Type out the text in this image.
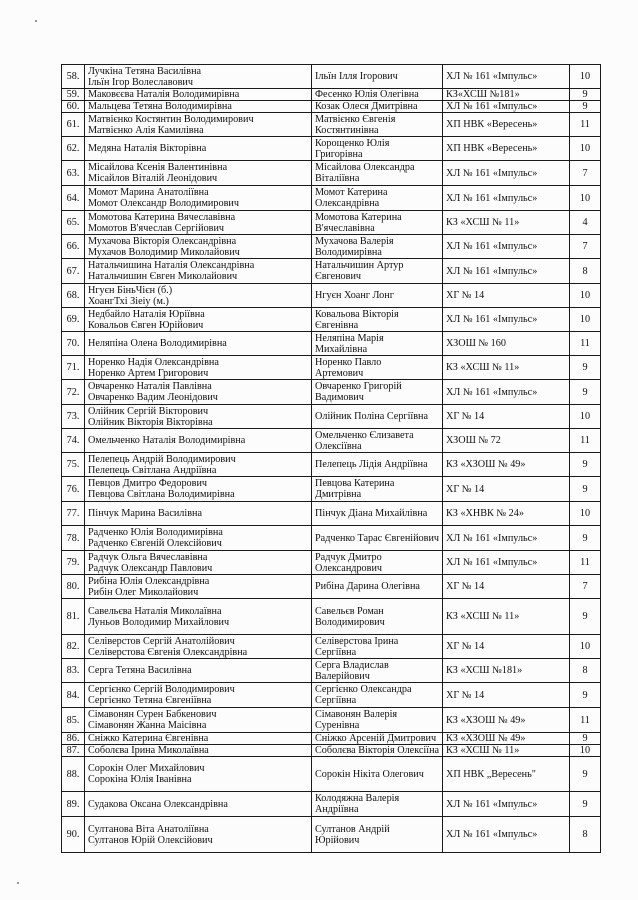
58.	Лучкіна Тетяна Василівна
Ільїн Ігор Волеславович	Ільїн Ілля Ігорович	ХЛ № 161 «Імпульс»	10
59.	Маковєєва Наталія Володимирівна	Фесенко Юлія Олегівна	КЗ«ХСШ №181»	9
60.	Мальцева Тетяна Володимирівна	Козак Олеся Дмитрівна	ХЛ № 161 «Імпульс»	9
61.	Матвієнко Костянтин Володимирович
Матвієнко Алія Камилівна	Матвієнко Євгенія
Костянтинівна	ХП НВК «Вересень»	11
62.	Медяна Наталія Вікторівна	Корощенко Юлія
Григорівна	ХП НВК «Вересень»	10
63.	Місайлова Ксенія Валентинівна
Місайлов Віталій Леонідович	Місайлова Олександра
Віталіївна	ХЛ № 161 «Імпульс»	7
64.	Момот Марина Анатоліївна
Момот Олександр Володимирович	Момот Катерина
Олександрівна	ХЛ № 161 «Імпульс»	10
65.	Момотова Катерина Вячеславівна
Момотов В'ячеслав Сергійович	Момотова Катерина
В'ячеславівна	КЗ «ХСШ № 11»	4
66.	Мухачова Вікторія Олександрівна
Мухачов Володимир Миколайович	Мухачова Валерія
Володимирівна	ХЛ № 161 «Імпульс»	7
67.	Натальчишина Наталія Олександрівна
Натальчишин Євген Миколайович	Натальчишин Артур
Євгенович	ХЛ № 161 «Імпульс»	8
68.	Нгуєн БіньЧієн (б.)
ХоангТхі Зіеіу (м.)	Нгуєн Хоанг Лонг	ХГ № 14	10
69.	Недбайло Наталія Юріївна
Ковальов Євген Юрійович	Ковальова Вікторія
Євгенівна	ХЛ № 161 «Імпульс»	10
70.	Неляпіна Олена Володимирівна	Неляпіна Марія
Михайлівна	ХЗОШ № 160	11
71.	Норенко Надія Олександрівна
Норенко Артем Григорович	Норенко Павло
Артемович	КЗ «ХСШ № 11»	9
72.	Овчаренко Наталія Павлівна
Овчаренко Вадим Леонідович	Овчаренко Григорій
Вадимович	ХЛ № 161 «Імпульс»	9
73.	Олійник Сергій Вікторович
Олійник Вікторія Вікторівна	Олійник Поліна Сергіївна	ХГ № 14	10
74.	Омельченко Наталія Володимирівна	Омельченко Єлизавета
Олексіївна	ХЗОШ № 72	11
75.	Пелепець Андрій Володимирович
Пелепець Світлана Андріївна	Пелепець Лідія Андріївна	КЗ «ХЗОШ № 49»	9
76.	Певцов Дмитро Федорович
Певцова Світлана Володимирівна	Певцова Катерина
Дмитрівна	ХГ № 14	9
77.	Пінчук Марина Василівна	Пінчук Діана Михайлівна	КЗ «ХНВК № 24»	10
78.	Радченко Юлія Володимирівна
Радченко Євгеній Олексійович	Радченко Тарас Євгенійович	ХЛ № 161 «Імпульс»	9
79.	Радчук Ольга Вячеславівна
Радчук Олександр Павлович	Радчук Дмитро
Олександрович	ХЛ № 161 «Імпульс»	11
80.	Рибіна Юлія Олександрівна
Рибін Олег Миколайович	Рибіна Дарина Олегівна	ХГ № 14	7
81.	Савельєва Наталія Миколаївна
Луньов Володимир Михайлович	Савельєв Роман
Володимирович	КЗ «ХСШ № 11»	9
82.	Селіверстов Сергій Анатолійович
Селіверстова Євгенія Олександрівна	Селіверстова Ірина
Сергіївна	ХГ № 14	10
83.	Серга Тетяна Василівна	Серга Владислав
Валерійович	КЗ «ХСШ №181»	8
84.	Сергієнко Сергій Володимирович
Сергієнко Тетяна Євгеніївна	Сергієнко Олександра
Сергіївна	ХГ № 14	9
85.	Сімавонян Сурен Бабкенович
Сімавонян Жанна Маісівна	Сімавонян Валерія
Суренівна	КЗ «ХЗОШ № 49»	11
86.	Сніжко Катерина Євгенівна	Сніжко Арсеній Дмитрович	КЗ «ХЗОШ № 49»	9
87.	Соболєва Ірина Миколаївна	Соболєва Вікторія Олексіїна	КЗ «ХСШ № 11»	10
88.	Сорокін Олег Михайлович
Сорокіна Юлія Іванівна	Сорокін Нікіта Олегович	ХП НВК „Вересень"	9
89.	Судакова Оксана Олександрівна	Колодяжна Валерія
Андріївна	ХЛ № 161 «Імпульс»	9
90.	Султанова Віта Анатоліївна
Султанов Юрій Олексійович	Султанов Андрій
Юрійович	ХЛ № 161 «Імпульс»	8
